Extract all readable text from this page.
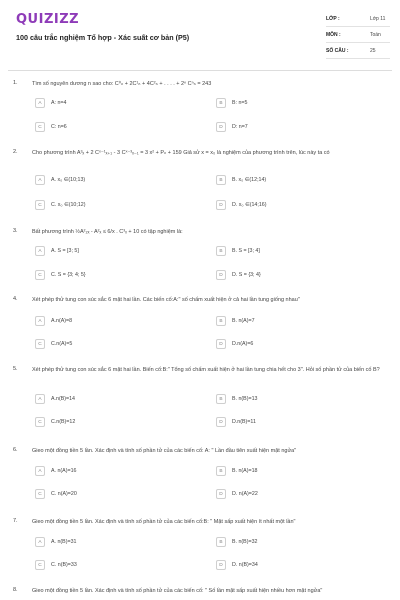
QUIZIZZ
100 câu trắc nghiệm Tổ hợp - Xác suất cơ bản (P5)
LỚP :	Lớp 11
MÔN :	Toán
SỐ CÂU :	25
1.	Tìm số nguyên dương n sao cho: C⁰ₙ + 2C¹ₙ + 4C²ₙ + . . . . + 2ⁿ Cⁿₙ = 243
A	A: n=4	B	B: n=5
C	C: n=6	D	D: n=7
2.	Cho phương trình A³ₓ + 2 Cˣ⁻¹ₓ₊₁ - 3 Cˣ⁻³ₓ₋₁ = 3 x² + Pₙ + 159 Giả sử x = x₀ là nghiệm của phương trình trên, lúc này ta có
A	A. x₀ ∈(10;13)	B	B. x₀ ∈(12;14)
C	C. x₀ ∈(10;12)	D	D. x₀ ∈(14;16)
3.	Bất phương trình ½A²₂ₓ - A²ₓ ≤ 6/x . C³ₓ + 10 có tập nghiệm là:
A	A. S = [3; 5]	B	B. S = [3; 4]
C	C. S = {3; 4; 5}	D	D. S = {3; 4}
4.	Xét phép thử tung con súc sắc 6 mặt hai lần. Các biến cố:A:" số chấm xuất hiện ở cả hai lần tung giống nhau"
A	A.n(A)=8	B	B. n(A)=7
C	C.n(A)=5	D	D.n(A)=6
5.	Xét phép thử tung con súc sắc 6 mặt hai lần. Biến cố:B:" Tổng số chấm xuất hiện ở hai lần tung chia hết cho 3". Hỏi số phần tử của biến cố B?
A	A.n(B)=14	B	B. n(B)=13
C	C.n(B)=12	D	D.n(B)=11
6.	Gieo một đồng tiền 5 lần. Xác định và tính số phần tử của các biến cố: A: " Lần đầu tiên xuất hiện mặt ngửa"
A	A. n(A)=16	B	B. n(A)=18
C	C. n(A)=20	D	D. n(A)=22
7.	Gieo một đồng tiền 5 lần. Xác định và tính số phần tử của các biến cố:B: " Mặt sấp xuất hiện ít nhất một lần"
A	A. n(B)=31	B	B. n(B)=32
C	C. n(B)=33	D	D. n(B)=34
8.	Gieo một đồng tiền 5 lần. Xác định và tính số phần tử của các biến cố: " Số lần mặt sấp xuất hiện nhiều hơn mặt ngửa"
